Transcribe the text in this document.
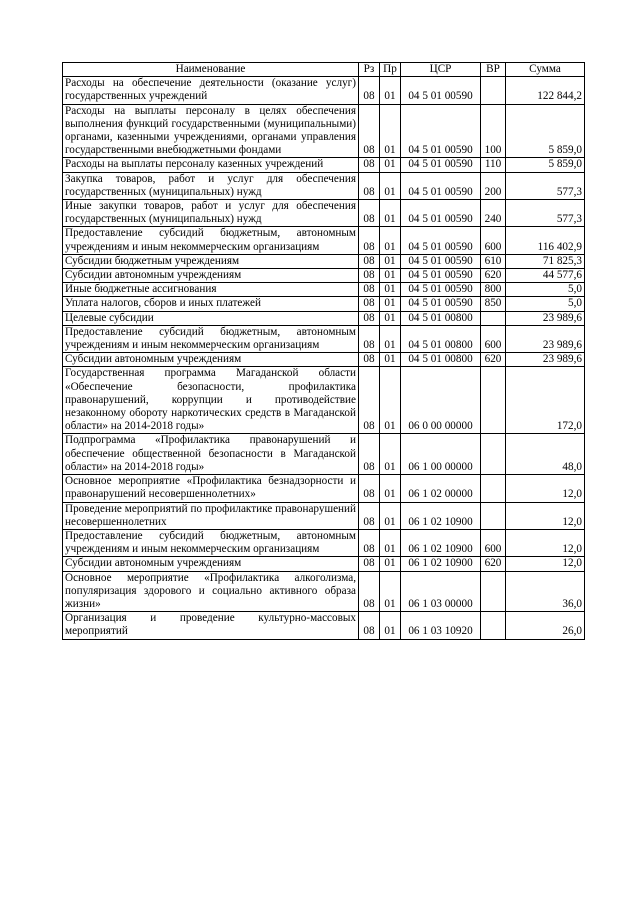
Наименование	Рз	Пр	ЦСР	ВР	Сумма
Расходы на обеспечение деятельности (оказание услуг) государственных учреждений	08	01	04 5 01 00590		122 844,2
Расходы на выплаты персоналу в целях обеспечения выполнения функций государственными (муниципальными) органами, казенными учреждениями, органами управления государственными внебюджетными фондами	08	01	04 5 01 00590	100	5 859,0
Расходы на выплаты персоналу казенных учреждений	08	01	04 5 01 00590	110	5 859,0
Закупка товаров, работ и услуг для обеспечения государственных (муниципальных) нужд	08	01	04 5 01 00590	200	577,3
Иные закупки товаров, работ и услуг для обеспечения государственных (муниципальных) нужд	08	01	04 5 01 00590	240	577,3
Предоставление субсидий бюджетным, автономным учреждениям и иным некоммерческим организациям	08	01	04 5 01 00590	600	116 402,9
Субсидии бюджетным учреждениям	08	01	04 5 01 00590	610	71 825,3
Субсидии автономным учреждениям	08	01	04 5 01 00590	620	44 577,6
Иные бюджетные ассигнования	08	01	04 5 01 00590	800	5,0
Уплата налогов, сборов и иных платежей	08	01	04 5 01 00590	850	5,0
Целевые субсидии	08	01	04 5 01 00800		23 989,6
Предоставление субсидий бюджетным, автономным учреждениям и иным некоммерческим организациям	08	01	04 5 01 00800	600	23 989,6
Субсидии автономным учреждениям	08	01	04 5 01 00800	620	23 989,6
Государственная программа Магаданской области «Обеспечение безопасности, профилактика правонарушений, коррупции и противодействие незаконному обороту наркотических средств в Магаданской области» на 2014-2018 годы»	08	01	06 0 00 00000		172,0
Подпрограмма «Профилактика правонарушений и обеспечение общественной безопасности в Магаданской области» на 2014-2018 годы»	08	01	06 1 00 00000		48,0
Основное мероприятие «Профилактика безнадзорности и правонарушений несовершеннолетних»	08	01	06 1 02 00000		12,0
Проведение мероприятий по профилактике правонарушений несовершеннолетних	08	01	06 1 02 10900		12,0
Предоставление субсидий бюджетным, автономным учреждениям и иным некоммерческим организациям	08	01	06 1 02 10900	600	12,0
Субсидии автономным учреждениям	08	01	06 1 02 10900	620	12,0
Основное мероприятие «Профилактика алкоголизма, популяризация здорового и социально активного образа жизни»	08	01	06 1 03 00000		36,0
Организация и проведение культурно-массовых мероприятий	08	01	06 1 03 10920		26,0
